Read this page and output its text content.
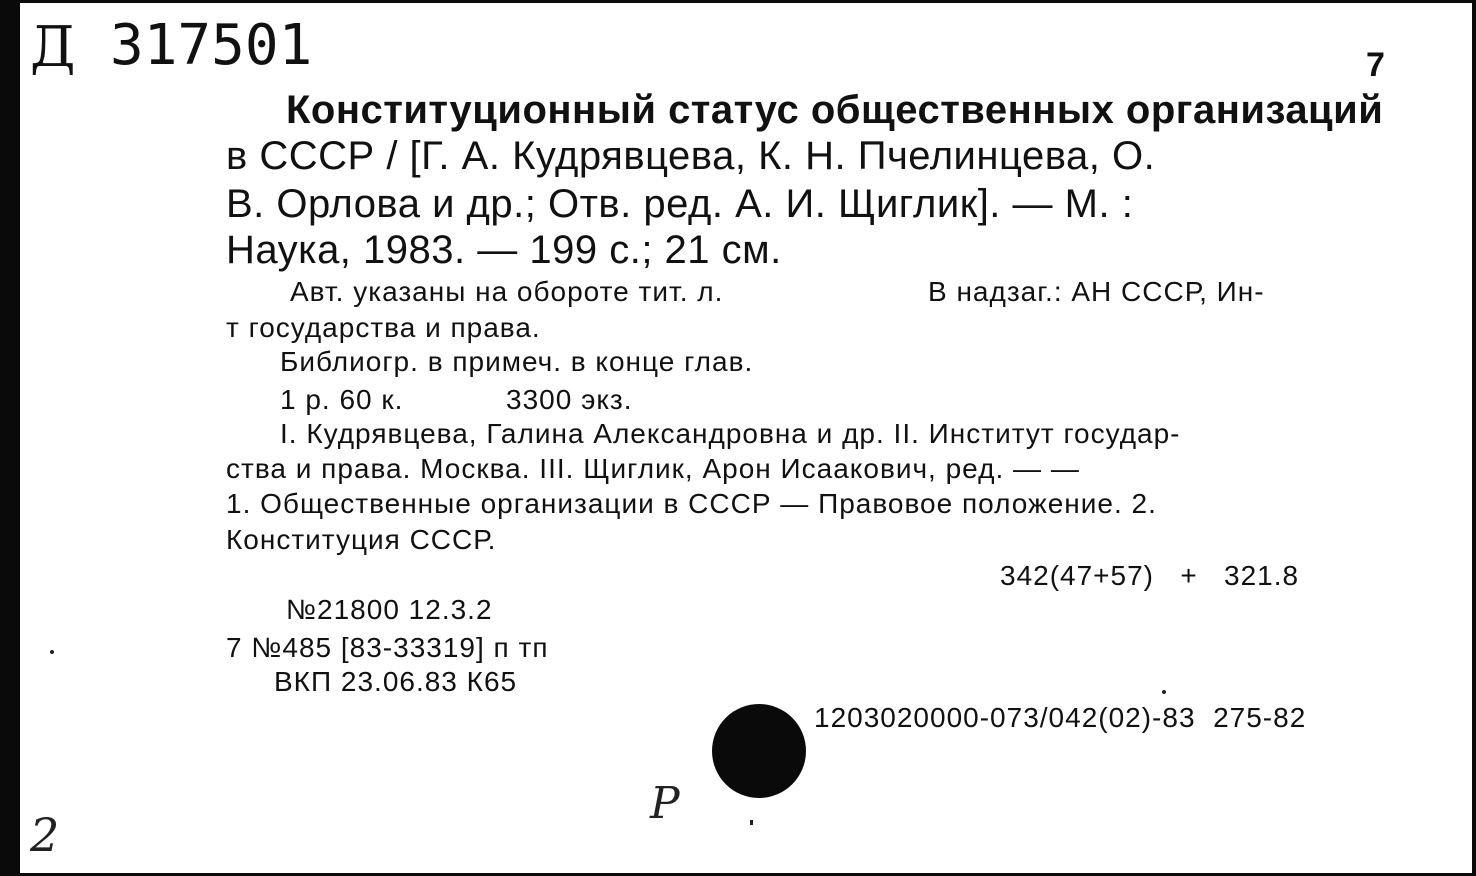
Д 317501	7
Конституционный статус общественных организаций
в СССР / [Г. А. Кудрявцева, К. Н. Пчелинцева, О.
В. Орлова и др.; Отв. ред. А. И. Щиглик]. — М. :
Наука, 1983. — 199 с.; 21 см.
Авт. указаны на обороте тит. л.	В надзаг.: АН СССР, Ин-
т государства и права.
Библиогр. в примеч. в конце глав.
1 р. 60 к.	3300 экз.
I. Кудрявцева, Галина Александровна и др. II. Институт государ-
ства и права. Москва. III. Щиглик, Арон Исаакович, ред. — —
1. Общественные организации в СССР — Правовое положение. 2.
Конституция СССР.
342(47+57)   +   321.8
№21800 12.3.2
7 №485 [83-33319] п тп
ВКП 23.06.83 К65
1203020000-073/042(02)-83  275-82
2
Р
